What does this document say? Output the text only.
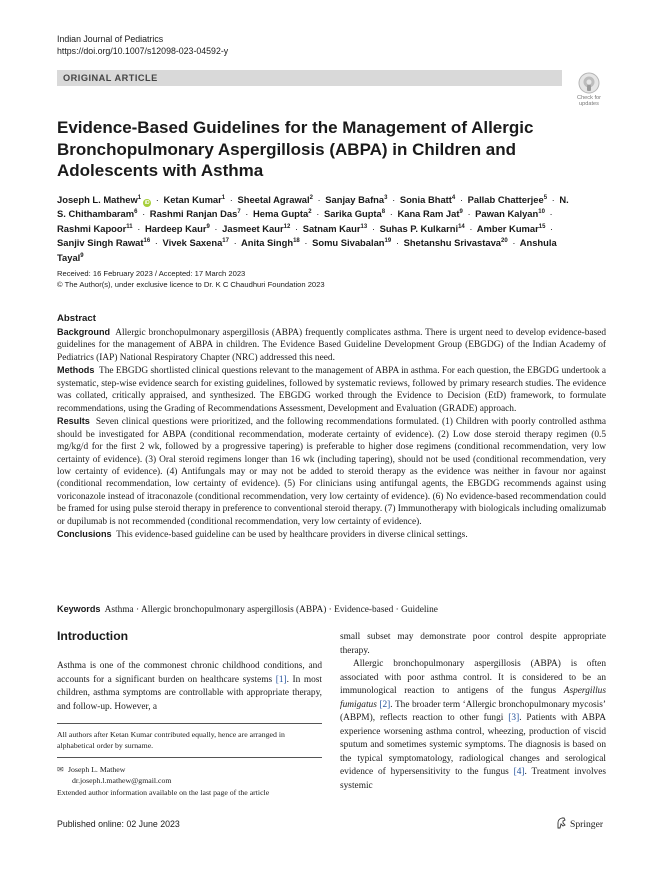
Indian Journal of Pediatrics
https://doi.org/10.1007/s12098-023-04592-y
ORIGINAL ARTICLE
Check for
updates
Evidence-Based Guidelines for the Management of Allergic Bronchopulmonary Aspergillosis (ABPA) in Children and Adolescents with Asthma
Joseph L. Mathew$^1$iD · Ketan Kumar$^1$ · Sheetal Agrawal$^2$ · Sanjay Bafna$^3$ · Sonia Bhatt$^4$ · Pallab Chatterjee$^5$ · N. S. Chithambaram$^6$ · Rashmi Ranjan Das$^7$ · Hema Gupta$^2$ · Sarika Gupta$^8$ · Kana Ram Jat$^9$ · Pawan Kalyan$^{10}$ · Rashmi Kapoor$^{11}$ · Hardeep Kaur$^9$ · Jasmeet Kaur$^{12}$ · Satnam Kaur$^{13}$ · Suhas P. Kulkarni$^{14}$ · Amber Kumar$^{15}$ · Sanjiv Singh Rawat$^{16}$ · Vivek Saxena$^{17}$ · Anita Singh$^{18}$ · Somu Sivabalan$^{19}$ · Shetanshu Srivastava$^{20}$ · Anshula Tayal$^9$
Received: 16 February 2023 / Accepted: 17 March 2023
© The Author(s), under exclusive licence to Dr. K C Chaudhuri Foundation 2023
Abstract

Background Allergic bronchopulmonary aspergillosis (ABPA) frequently complicates asthma. There is urgent need to develop evidence-based guidelines for the management of ABPA in children. The Evidence Based Guideline Development Group (EBGDG) of the Indian Academy of Pediatrics (IAP) National Respiratory Chapter (NRC) addressed this need.

Methods The EBGDG shortlisted clinical questions relevant to the management of ABPA in asthma. For each question, the EBGDG undertook a systematic, step-wise evidence search for existing guidelines, followed by systematic reviews, followed by primary research studies. The evidence was collated, critically appraised, and synthesized. The EBGDG worked through the Evidence to Decision (EtD) framework, to formulate recommendations, using the Grading of Recommendations Assessment, Development and Evaluation (GRADE) approach.

Results Seven clinical questions were prioritized, and the following recommendations formulated. (1) Children with poorly controlled asthma should be investigated for ABPA (conditional recommendation, moderate certainty of evidence). (2) Low dose steroid therapy regimen (0.5 mg/kg/d for the first 2 wk, followed by a progressive tapering) is preferable to higher dose regimens (conditional recommendation, very low certainty of evidence). (3) Oral steroid regimens longer than 16 wk (including tapering), should not be used (conditional recommendation, very low certainty of evidence). (4) Antifungals may or may not be added to steroid therapy as the evidence was neither in favour nor against (conditional recommendation, low certainty of evidence). (5) For clinicians using antifungal agents, the EBGDG recommends against using voriconazole instead of itraconazole (conditional recommendation, very low certainty of evidence). (6) No evidence-based recommendation could be framed for using pulse steroid therapy in preference to conventional steroid therapy. (7) Immunotherapy with biologicals including omalizumab or dupilumab is not recommended (conditional recommendation, very low certainty of evidence).

Conclusions This evidence-based guideline can be used by healthcare providers in diverse clinical settings.

Keywords Asthma · Allergic bronchopulmonary aspergillosis (ABPA) · Evidence-based · Guideline
Introduction

Asthma is one of the commonest chronic childhood conditions, and accounts for a significant burden on healthcare systems [1]. In most children, asthma symptoms are controllable with appropriate therapy, and follow-up. However, a

All authors after Ketan Kumar contributed equally, hence are arranged in alphabetical order by surname.
✉ Joseph L. Mathew
dr.joseph.l.mathew@gmail.com
Extended author information available on the last page of the article

small subset may demonstrate poor control despite appropriate therapy.

Allergic bronchopulmonary aspergillosis (ABPA) is often associated with poor asthma control. It is considered to be an immunological reaction to antigens of the fungus Aspergillus fumigatus [2]. The broader term ‘Allergic bronchopulmonary mycosis’ (ABPM), reflects reaction to other fungi [3]. Patients with ABPA experience worsening asthma control, wheezing, production of viscid sputum and sometimes systemic symptoms. The diagnosis is based on the typical symptomatology, radiological changes and serological evidence of hypersensitivity to the fungus [4]. Treatment involves systemic

Published online: 02 June 2023	Springer
